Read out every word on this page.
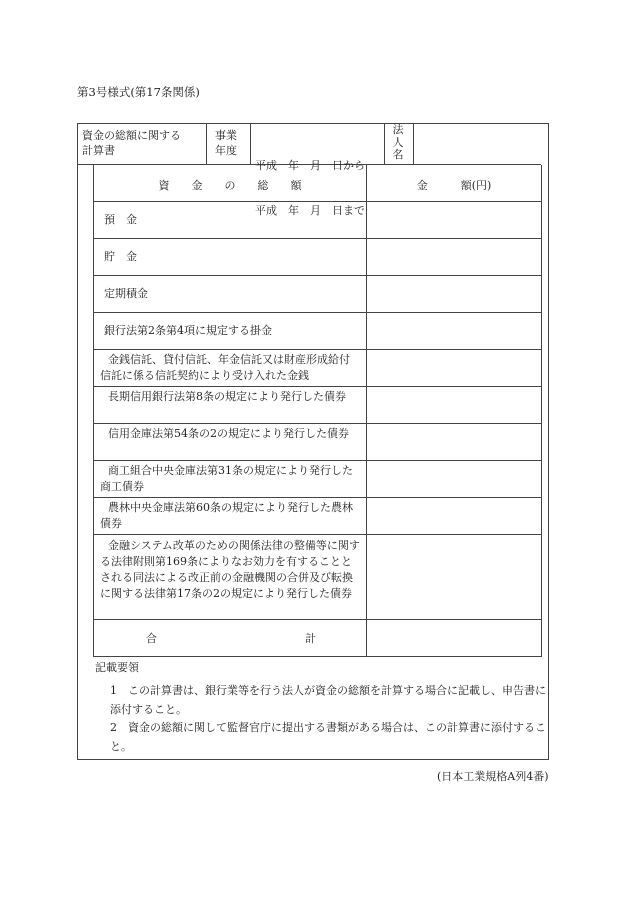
第3号様式(第17条関係)
資金の総額に関する
計算書
事業
年度

平成　年　月　日から

平成　年　月　日まで

法
人
名
資　　金　　の　　総　　額	金　　　額(円)
預　金
貯　金
定期積金
銀行法第2条第4項に規定する掛金
金銭信託、貸付信託、年金信託又は財産形成給付信託に係る信託契約により受け入れた金銭
長期信用銀行法第8条の規定により発行した債券
信用金庫法第54条の2の規定により発行した債券
商工組合中央金庫法第31条の規定により発行した商工債券
農林中央金庫法第60条の規定により発行した農林債券
金融システム改革のための関係法律の整備等に関する法律附則第169条によりなお効力を有することとされる同法による改正前の金融機関の合併及び転換に関する法律第17条の2の規定により発行した債券
合	計
記載要領
1　この計算書は、銀行業等を行う法人が資金の総額を計算する場合に記載し、申告書に添付すること。
2　資金の総額に関して監督官庁に提出する書類がある場合は、この計算書に添付すること。
(日本工業規格A列4番)
